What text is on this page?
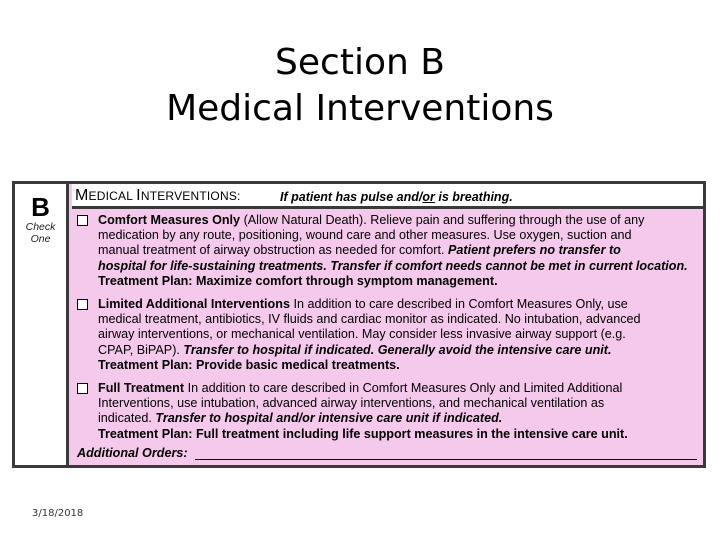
Section B
Medical Interventions
B
Check
One
MEDICAL INTERVENTIONS:	If patient has pulse and/or is breathing.
Comfort Measures Only (Allow Natural Death). Relieve pain and suffering through the use of any
medication by any route, positioning, wound care and other measures. Use oxygen, suction and
manual treatment of airway obstruction as needed for comfort. Patient prefers no transfer to
hospital for life-sustaining treatments. Transfer if comfort needs cannot be met in current location.
Treatment Plan: Maximize comfort through symptom management.
Limited Additional Interventions In addition to care described in Comfort Measures Only, use
medical treatment, antibiotics, IV fluids and cardiac monitor as indicated. No intubation, advanced
airway interventions, or mechanical ventilation. May consider less invasive airway support (e.g.
CPAP, BiPAP). Transfer to hospital if indicated. Generally avoid the intensive care unit.
Treatment Plan: Provide basic medical treatments.
Full Treatment In addition to care described in Comfort Measures Only and Limited Additional
Interventions, use intubation, advanced airway interventions, and mechanical ventilation as
indicated. Transfer to hospital and/or intensive care unit if indicated.
Treatment Plan: Full treatment including life support measures in the intensive care unit.
Additional Orders:
3/18/2018
